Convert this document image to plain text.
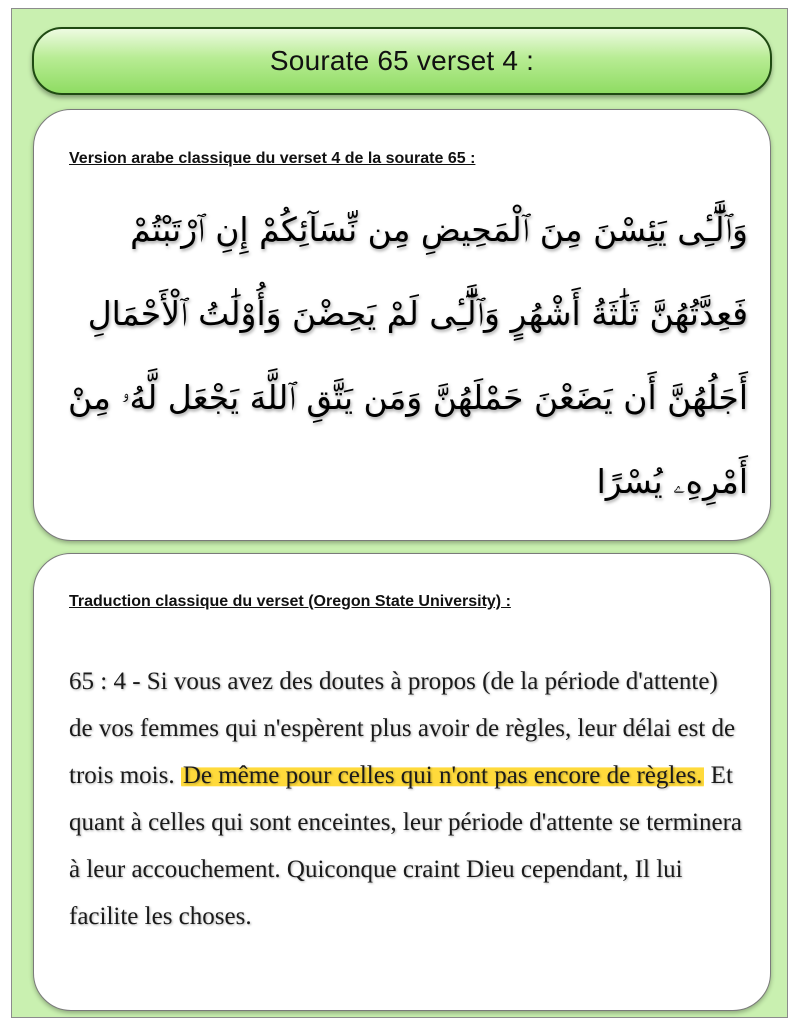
Sourate 65 verset 4 :
Version arabe classique du verset 4 de la sourate 65 :
وَٱلَّٰٓـِٔى يَئِسْنَ مِنَ ٱلْمَحِيضِ مِن نِّسَآئِكُمْ إِنِ ٱرْتَبْتُمْ فَعِدَّتُهُنَّ ثَلَٰثَةُ أَشْهُرٍ وَٱلَّٰٓـِٔى لَمْ يَحِضْنَ وَأُوْلَٰتُ ٱلْأَحْمَالِ أَجَلُهُنَّ أَن يَضَعْنَ حَمْلَهُنَّ وَمَن يَتَّقِ ٱللَّهَ يَجْعَل لَّهُۥ مِنْ أَمْرِهِۦ يُسْرًا
Traduction classique du verset (Oregon State University) :
65 : 4 - Si vous avez des doutes à propos (de la période d'attente) de vos femmes qui n'espèrent plus avoir de règles, leur délai est de trois mois. De même pour celles qui n'ont pas encore de règles. Et quant à celles qui sont enceintes, leur période d'attente se terminera à leur accouchement. Quiconque craint Dieu cependant, Il lui facilite les choses.
